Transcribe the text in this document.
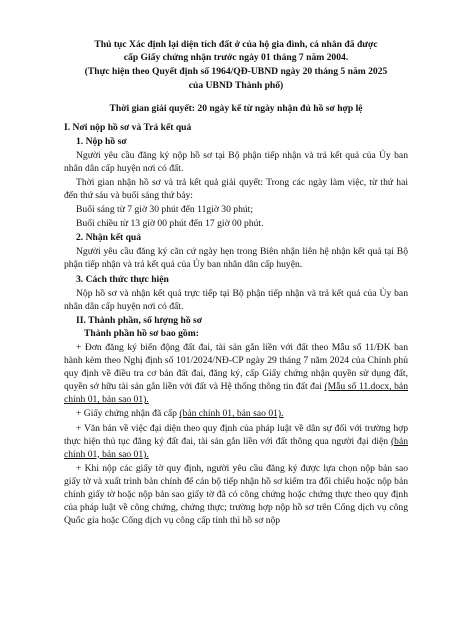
Thủ tục Xác định lại diện tích đất ở của hộ gia đình, cá nhân đã được
cấp Giấy chứng nhận trước ngày 01 tháng 7 năm 2004.
(Thực hiện theo Quyết định số 1964/QĐ-UBND ngày 20 tháng 5 năm 2025
của UBND Thành phố)
Thời gian giải quyết: 20 ngày kể từ ngày nhận đủ hồ sơ hợp lệ
I. Nơi nộp hồ sơ và Trả kết quả
1. Nộp hồ sơ
Người yêu cầu đăng ký nộp hồ sơ tại Bộ phận tiếp nhận và trả kết quả của Ủy ban nhân dân cấp huyện nơi có đất.
Thời gian nhận hồ sơ và trả kết quả giải quyết: Trong các ngày làm việc, từ thứ hai đến thứ sáu và buổi sáng thứ bảy:
Buổi sáng từ 7 giờ 30 phút đến 11giờ 30 phút;
Buổi chiều từ 13 giờ 00 phút đến 17 giờ 00 phút.
2. Nhận kết quả
Người yêu cầu đăng ký căn cứ ngày hẹn trong Biên nhận liên hệ nhận kết quả tại Bộ phận tiếp nhận và trả kết quả của Ủy ban nhân dân cấp huyện.
3. Cách thức thực hiện
Nộp hồ sơ và nhận kết quả trực tiếp tại Bộ phận tiếp nhận và trả kết quả của Ủy ban nhân dân cấp huyện nơi có đất.
II. Thành phần, số lượng hồ sơ
Thành phần hồ sơ bao gồm:
+ Đơn đăng ký biến động đất đai, tài sản gắn liền với đất theo Mẫu số 11/ĐK ban hành kèm theo Nghị định số 101/2024/NĐ-CP ngày 29 tháng 7 năm 2024 của Chính phủ quy định về điều tra cơ bản đất đai, đăng ký, cấp Giấy chứng nhận quyền sử dụng đất, quyền sở hữu tài sản gắn liền với đất và Hệ thống thông tin đất đai (Mẫu số 11.docx, bản chính 01, bản sao 01).
+ Giấy chứng nhận đã cấp (bản chính 01, bản sao 01).
+ Văn bản về việc đại diện theo quy định của pháp luật về dân sự đối với trường hợp thực hiện thủ tục đăng ký đất đai, tài sản gắn liền với đất thông qua người đại diện (bản chính 01, bản sao 01).
+ Khi nộp các giấy tờ quy định, người yêu cầu đăng ký được lựa chọn nộp bản sao giấy tờ và xuất trình bản chính để cán bộ tiếp nhận hồ sơ kiểm tra đối chiếu hoặc nộp bản chính giấy tờ hoặc nộp bản sao giấy tờ đã có công chứng hoặc chứng thực theo quy định của pháp luật về công chứng, chứng thực; trường hợp nộp hồ sơ trên Cổng dịch vụ công Quốc gia hoặc Cổng dịch vụ công cấp tỉnh thì hồ sơ nộp
